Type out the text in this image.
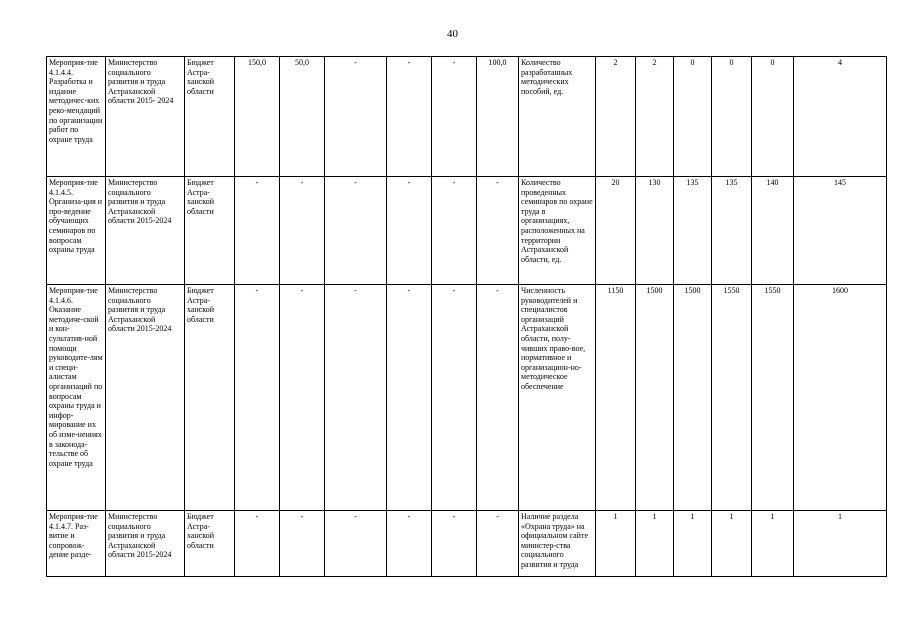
40
Мероприя-тие 4.1.4.4. Разработка и издание методичес-ких реко-мендаций по организации работ по охране труда	Министерство социального развития и труда Астраханской области 2015- 2024	Бюджет Астра-ханской области	150,0	50,0	-	-	-	100,0	Количество разработанных методических пособий, ед.	2	2	0	0	0	4
Мероприя-тие 4.1.4.5. Организа-ция и про-ведение обучающих семинаров по вопросам охраны труда	Министерство социального развития и труда Астраханской области 2015-2024	Бюджет Астра-ханской области	-	-	-	-	-	-	Количество проведенных семинаров по охране труда в организациях, расположенных на территории Астраханской области, ед.	20	130	135	135	140	145
Мероприя-тие 4.1.4.6. Оказание методиче-ской и кон-сультатив-ной помощи руководите-лям и специ-алистам организаций по вопросам охраны труда и инфор-мирование их об изме-нениях в законода-тельстве об охране труда	Министерство социального развития и труда Астраханской области 2015-2024	Бюджет Астра-ханской области	-	-	-	-	-	-	Численность руководителей и специалистов организаций Астраханской области, полу-чивших право-вое, нормативное и организацион-но-методическое обеспечение	1150	1500	1500	1550	1550	1600
Мероприя-тие 4.1.4.7. Раз-витие и сопровож-дение разде-	Министерство социального развития и труда Астраханской области 2015-2024	Бюджет Астра-ханской области	-	-	-	-	-	-	Наличие раздела «Охрана труда» на официальном сайте министер-ства социального развития и труда	1	1	1	1	1	1
